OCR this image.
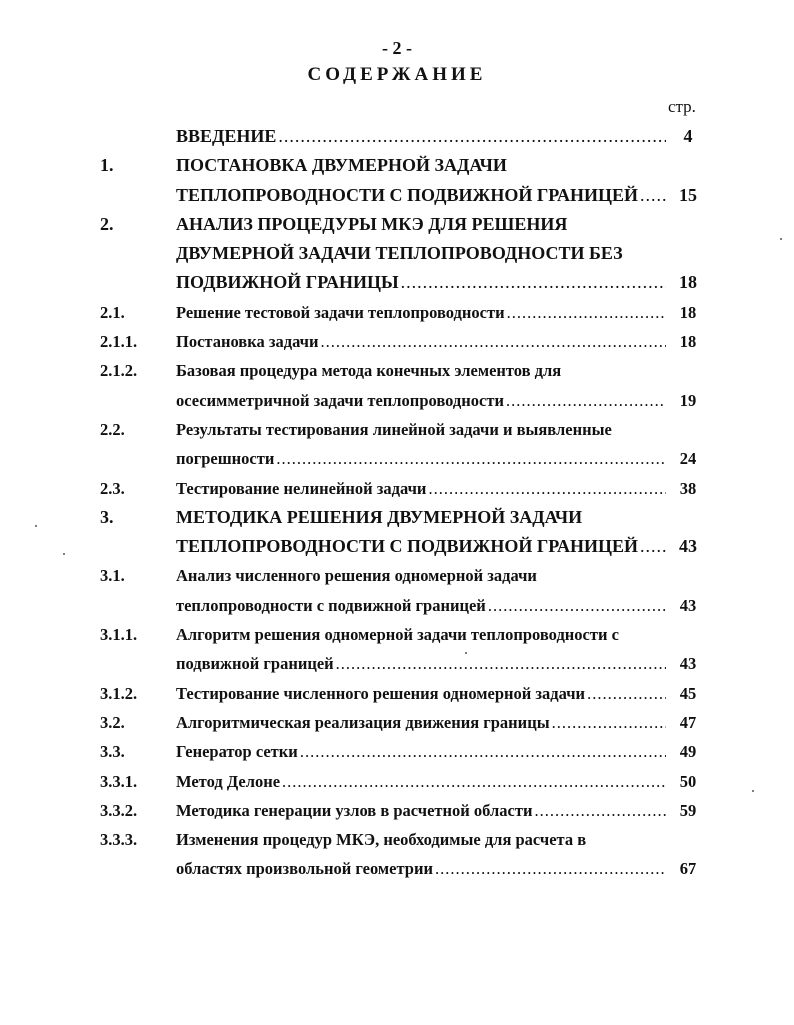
- 2 -
СОДЕРЖАНИЕ
стр.
ВВЕДЕНИЕ .....	4
1.	ПОСТАНОВКА ДВУМЕРНОЙ ЗАДАЧИ
ТЕПЛОПРОВОДНОСТИ С ПОДВИЖНОЙ ГРАНИЦЕЙ .....	15
2.	АНАЛИЗ ПРОЦЕДУРЫ МКЭ ДЛЯ РЕШЕНИЯ
ДВУМЕРНОЙ ЗАДАЧИ ТЕПЛОПРОВОДНОСТИ БЕЗ
ПОДВИЖНОЙ ГРАНИЦЫ .....	18
2.1.	Решение тестовой задачи теплопроводности .....	18
2.1.1. Постановка задачи .....	18
2.1.2. Базовая процедура метода конечных элементов для
осесимметричной задачи теплопроводности .....	19
2.2.	Результаты тестирования линейной задачи и выявленные
погрешности .....	24
2.3.	Тестирование нелинейной задачи .....	38
3.	МЕТОДИКА РЕШЕНИЯ ДВУМЕРНОЙ ЗАДАЧИ
ТЕПЛОПРОВОДНОСТИ С ПОДВИЖНОЙ ГРАНИЦЕЙ .....	43
3.1.	Анализ численного решения одномерной задачи
теплопроводности с подвижной границей .....	43
3.1.1. Алгоритм решения одномерной задачи теплопроводности с
подвижной границей .....	43
3.1.2. Тестирование численного решения одномерной задачи .....	45
3.2.	Алгоритмическая реализация движения границы .....	47
3.3.	Генератор сетки .....	49
3.3.1. Метод Делоне .....	50
3.3.2. Методика генерации узлов в расчетной области .....	59
3.3.3. Изменения процедур МКЭ, необходимые для расчета в
областях произвольной геометрии .....	67
